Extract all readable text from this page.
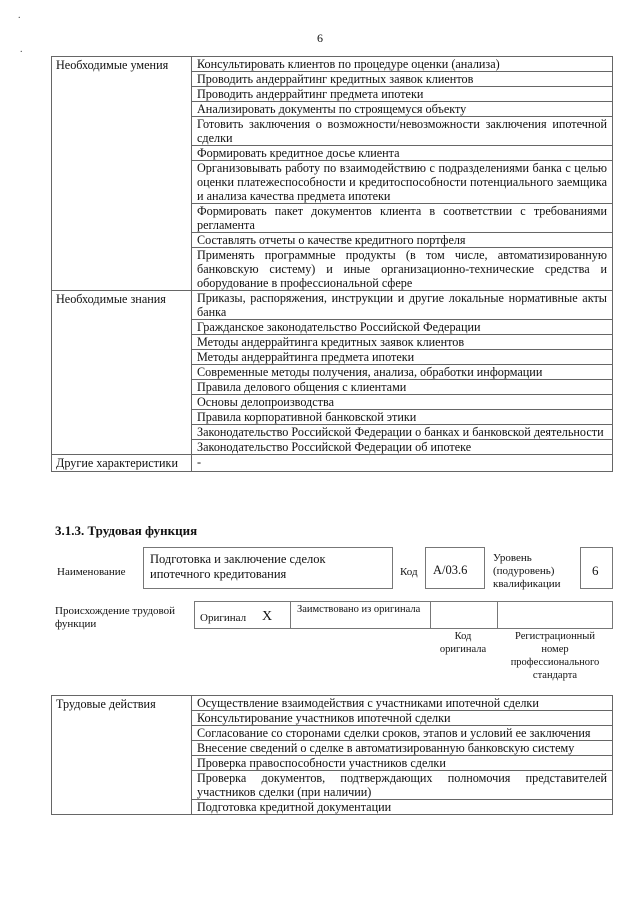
.
.
6
Необходимые умения	Консультировать клиентов по процедуре оценки (анализа)
	Проводить андеррайтинг кредитных заявок клиентов
	Проводить андеррайтинг предмета ипотеки
	Анализировать документы по строящемуся объекту
	Готовить заключения о возможности/невозможности заключения ипотечной сделки
	Формировать кредитное досье клиента
	Организовывать работу по взаимодействию с подразделениями банка с целью оценки платежеспособности и кредитоспособности потенциального заемщика и анализа качества предмета ипотеки
	Формировать пакет документов клиента в соответствии с требованиями регламента
	Составлять отчеты о качестве кредитного портфеля
	Применять программные продукты (в том числе, автоматизированную банковскую систему) и иные организационно-технические средства и оборудование в профессиональной сфере
Необходимые знания	Приказы, распоряжения, инструкции и другие локальные нормативные акты банка
	Гражданское законодательство Российской Федерации
	Методы андеррайтинга кредитных заявок клиентов
	Методы андеррайтинга предмета ипотеки
	Современные методы получения, анализа, обработки информации
	Правила делового общения с клиентами
	Основы делопроизводства
	Правила корпоративной банковской этики
	Законодательство Российской Федерации о банках и банковской деятельности
	Законодательство Российской Федерации об ипотеке
Другие характеристики	-
3.1.3. Трудовая функция
Наименование
Подготовка и заключение сделок ипотечного кредитования	Код A/03.6
Уровень (подуровень) квалификации
6
Происхождение трудовой функции	Оригинал X Заимствовано из оригинала
Код оригинала
Регистрационный номер профессионального стандарта
Трудовые действия	Осуществление взаимодействия с участниками ипотечной сделки
Консультирование участников ипотечной сделки
Согласование со сторонами сделки сроков, этапов и условий ее заключения
Внесение сведений о сделке в автоматизированную банковскую систему
Проверка правоспособности участников сделки
Проверка документов, подтверждающих полномочия представителей участников сделки (при наличии)
Подготовка кредитной документации
